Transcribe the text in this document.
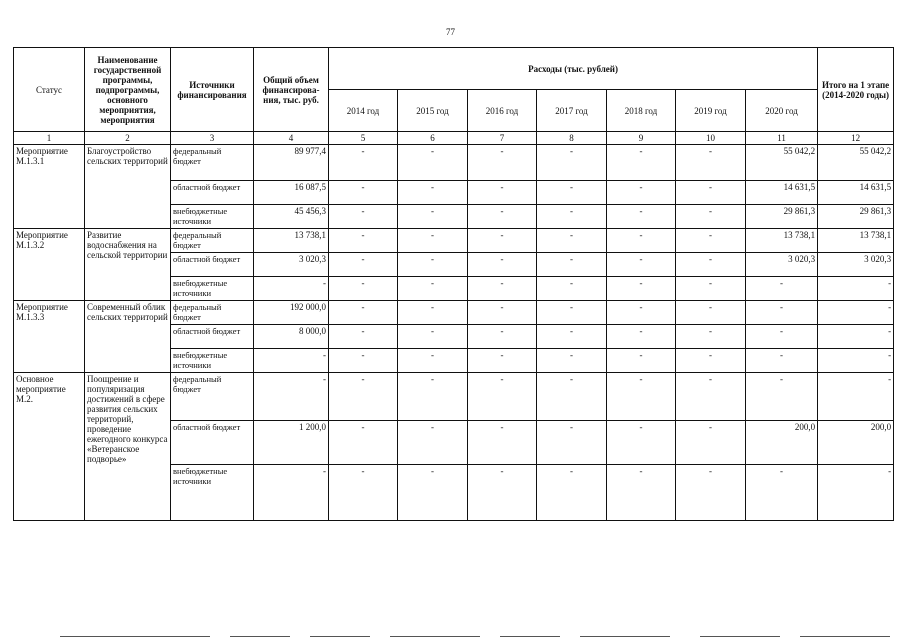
77
Статус	Наименование государственной программы, подпрограммы, основного мероприятия, мероприятия	Источники финансирования	Общий объем финансирова-ния, тыс. руб.	Расходы (тыс. рублей)							Итого на 1 этапе (2014-2020 годы)
				2014 год	2015 год	2016 год	2017 год	2018 год	2019 год	2020 год	
1	2	3	4	5	6	7	8	9	10	11	12
Мероприятие М.1.3.1	Благоустройство сельских территорий	федеральный бюджет	89 977,4	-	-	-	-	-	-	55 042,2	55 042,2
		областной бюджет	16 087,5	-	-	-	-	-	-	14 631,5	14 631,5
		внебюджетные источники	45 456,3	-	-	-	-	-	-	29 861,3	29 861,3
Мероприятие М.1.3.2	Развитие водоснабжения на сельской территории	федеральный бюджет	13 738,1	-	-	-	-	-	-	13 738,1	13 738,1
		областной бюджет	3 020,3	-	-	-	-	-	-	3 020,3	3 020,3
		внебюджетные источники	-	-	-	-	-	-	-	-	-
Мероприятие М.1.3.3	Современный облик сельских территорий	федеральный бюджет	192 000,0	-	-	-	-	-	-	-	-
		областной бюджет	8 000,0	-	-	-	-	-	-	-	-
		внебюджетные источники	-	-	-	-	-	-	-	-	-
Основное мероприятие М.2.	Поощрение и популяризация достижений в сфере развития сельских территорий, проведение ежегодного конкурса «Ветеранское подворье»	федеральный бюджет	-	-	-	-	-	-	-	-	-
		областной бюджет	1 200,0	-	-	-	-	-	-	200,0	200,0
		внебюджетные источники	-	-	-	-	-	-	-	-	-
